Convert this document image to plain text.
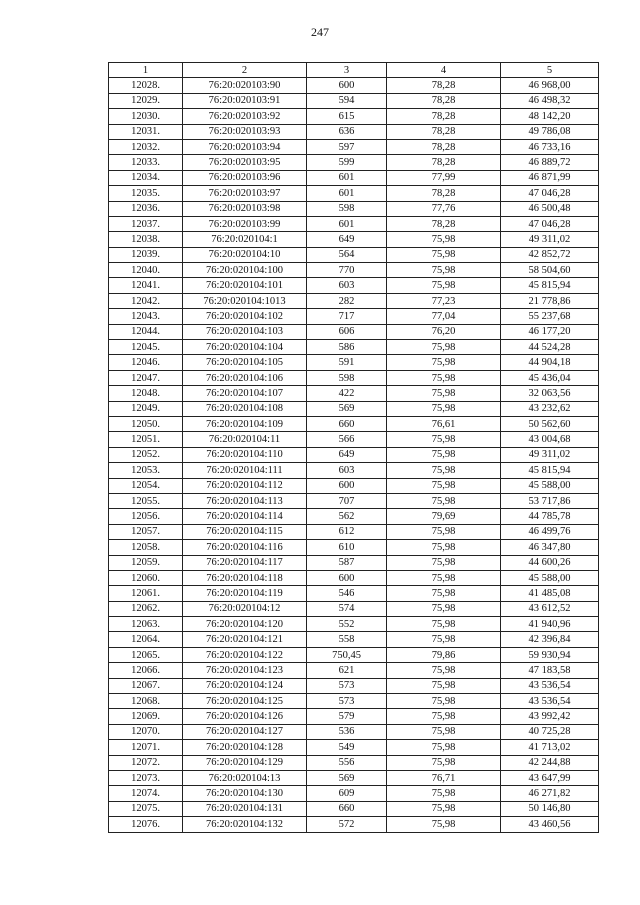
247
1	2	3	4	5
12028.	76:20:020103:90	600	78,28	46 968,00
12029.	76:20:020103:91	594	78,28	46 498,32
12030.	76:20:020103:92	615	78,28	48 142,20
12031.	76:20:020103:93	636	78,28	49 786,08
12032.	76:20:020103:94	597	78,28	46 733,16
12033.	76:20:020103:95	599	78,28	46 889,72
12034.	76:20:020103:96	601	77,99	46 871,99
12035.	76:20:020103:97	601	78,28	47 046,28
12036.	76:20:020103:98	598	77,76	46 500,48
12037.	76:20:020103:99	601	78,28	47 046,28
12038.	76:20:020104:1	649	75,98	49 311,02
12039.	76:20:020104:10	564	75,98	42 852,72
12040.	76:20:020104:100	770	75,98	58 504,60
12041.	76:20:020104:101	603	75,98	45 815,94
12042.	76:20:020104:1013	282	77,23	21 778,86
12043.	76:20:020104:102	717	77,04	55 237,68
12044.	76:20:020104:103	606	76,20	46 177,20
12045.	76:20:020104:104	586	75,98	44 524,28
12046.	76:20:020104:105	591	75,98	44 904,18
12047.	76:20:020104:106	598	75,98	45 436,04
12048.	76:20:020104:107	422	75,98	32 063,56
12049.	76:20:020104:108	569	75,98	43 232,62
12050.	76:20:020104:109	660	76,61	50 562,60
12051.	76:20:020104:11	566	75,98	43 004,68
12052.	76:20:020104:110	649	75,98	49 311,02
12053.	76:20:020104:111	603	75,98	45 815,94
12054.	76:20:020104:112	600	75,98	45 588,00
12055.	76:20:020104:113	707	75,98	53 717,86
12056.	76:20:020104:114	562	79,69	44 785,78
12057.	76:20:020104:115	612	75,98	46 499,76
12058.	76:20:020104:116	610	75,98	46 347,80
12059.	76:20:020104:117	587	75,98	44 600,26
12060.	76:20:020104:118	600	75,98	45 588,00
12061.	76:20:020104:119	546	75,98	41 485,08
12062.	76:20:020104:12	574	75,98	43 612,52
12063.	76:20:020104:120	552	75,98	41 940,96
12064.	76:20:020104:121	558	75,98	42 396,84
12065.	76:20:020104:122	750,45	79,86	59 930,94
12066.	76:20:020104:123	621	75,98	47 183,58
12067.	76:20:020104:124	573	75,98	43 536,54
12068.	76:20:020104:125	573	75,98	43 536,54
12069.	76:20:020104:126	579	75,98	43 992,42
12070.	76:20:020104:127	536	75,98	40 725,28
12071.	76:20:020104:128	549	75,98	41 713,02
12072.	76:20:020104:129	556	75,98	42 244,88
12073.	76:20:020104:13	569	76,71	43 647,99
12074.	76:20:020104:130	609	75,98	46 271,82
12075.	76:20:020104:131	660	75,98	50 146,80
12076.	76:20:020104:132	572	75,98	43 460,56
